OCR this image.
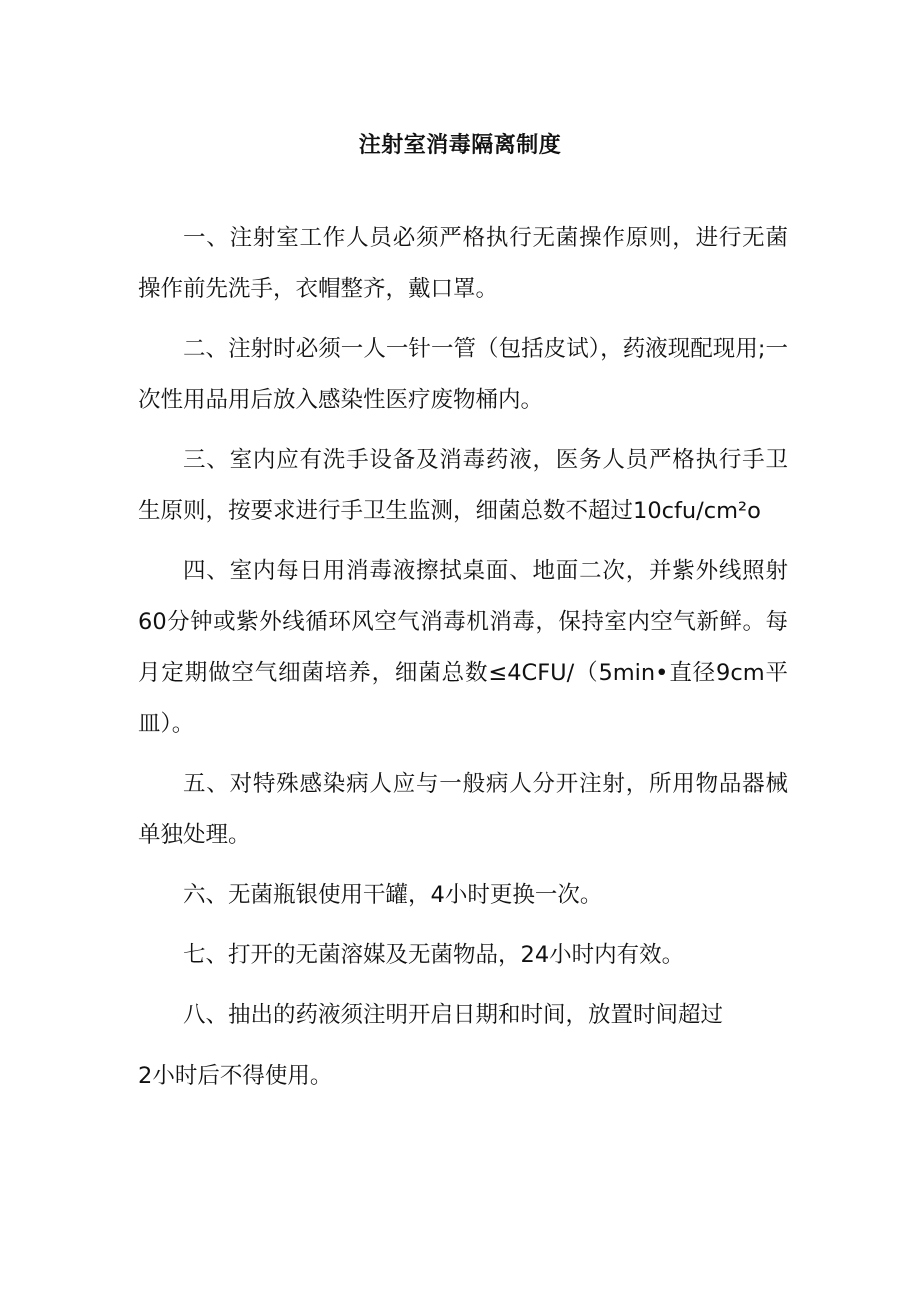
注射室消毒隔离制度

一、注射室工作人员必须严格执行无菌操作原则，进行无菌操作前先洗手，衣帽整齐，戴口罩。

二、注射时必须一人一针一管（包括皮试），药液现配现用;一次性用品用后放入感染性医疗废物桶内。

三、室内应有洗手设备及消毒药液，医务人员严格执行手卫生原则，按要求进行手卫生监测，细菌总数不超过10cfu∕cm²o

四、室内每日用消毒液擦拭桌面、地面二次，并紫外线照射60分钟或紫外线循环风空气消毒机消毒，保持室内空气新鲜。每月定期做空气细菌培养，细菌总数≤4CFU∕（5min•直径9cm平皿）。

五、对特殊感染病人应与一般病人分开注射，所用物品器械单独处理。

六、无菌瓶银使用干罐，4小时更换一次。

七、打开的无菌溶媒及无菌物品，24小时内有效。

八、抽出的药液须注明开启日期和时间，放置时间超过

2小时后不得使用。
